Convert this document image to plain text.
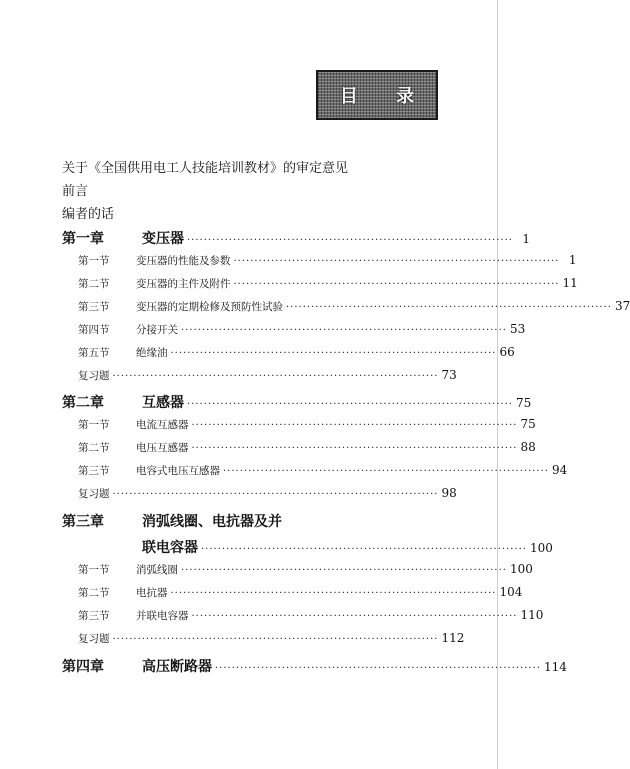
目 录
关于《全国供用电工人技能培训教材》的审定意见
前言
编者的话
第一章	变压器 ·············································································· 1
第一节	变压器的性能及参数 ·············································································· 1
第二节	变压器的主件及附件 ·············································································· 11
第三节	变压器的定期检修及预防性试验 ·············································································· 37
第四节	分接开关 ·············································································· 53
第五节	绝缘油 ·············································································· 66
复习题 ·············································································· 73
第二章	互感器 ·············································································· 75
第一节	电流互感器 ·············································································· 75
第二节	电压互感器 ·············································································· 88
第三节	电容式电压互感器 ·············································································· 94
复习题 ·············································································· 98
第三章	消弧线圈、电抗器及并
联电容器 ·············································································· 100
第一节	消弧线圈 ·············································································· 100
第二节	电抗器 ·············································································· 104
第三节	并联电容器 ·············································································· 110
复习题 ·············································································· 112
第四章	高压断路器 ·············································································· 114
